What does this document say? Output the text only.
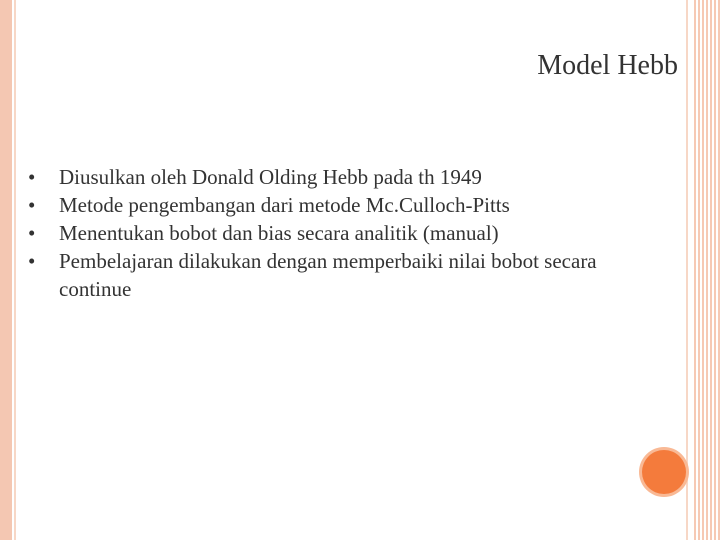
Model Hebb
• Diusulkan oleh Donald Olding Hebb pada th 1949
• Metode pengembangan dari metode Mc.Culloch-Pitts
• Menentukan bobot dan bias secara analitik (manual)
• Pembelajaran dilakukan dengan memperbaiki nilai bobot secara continue
